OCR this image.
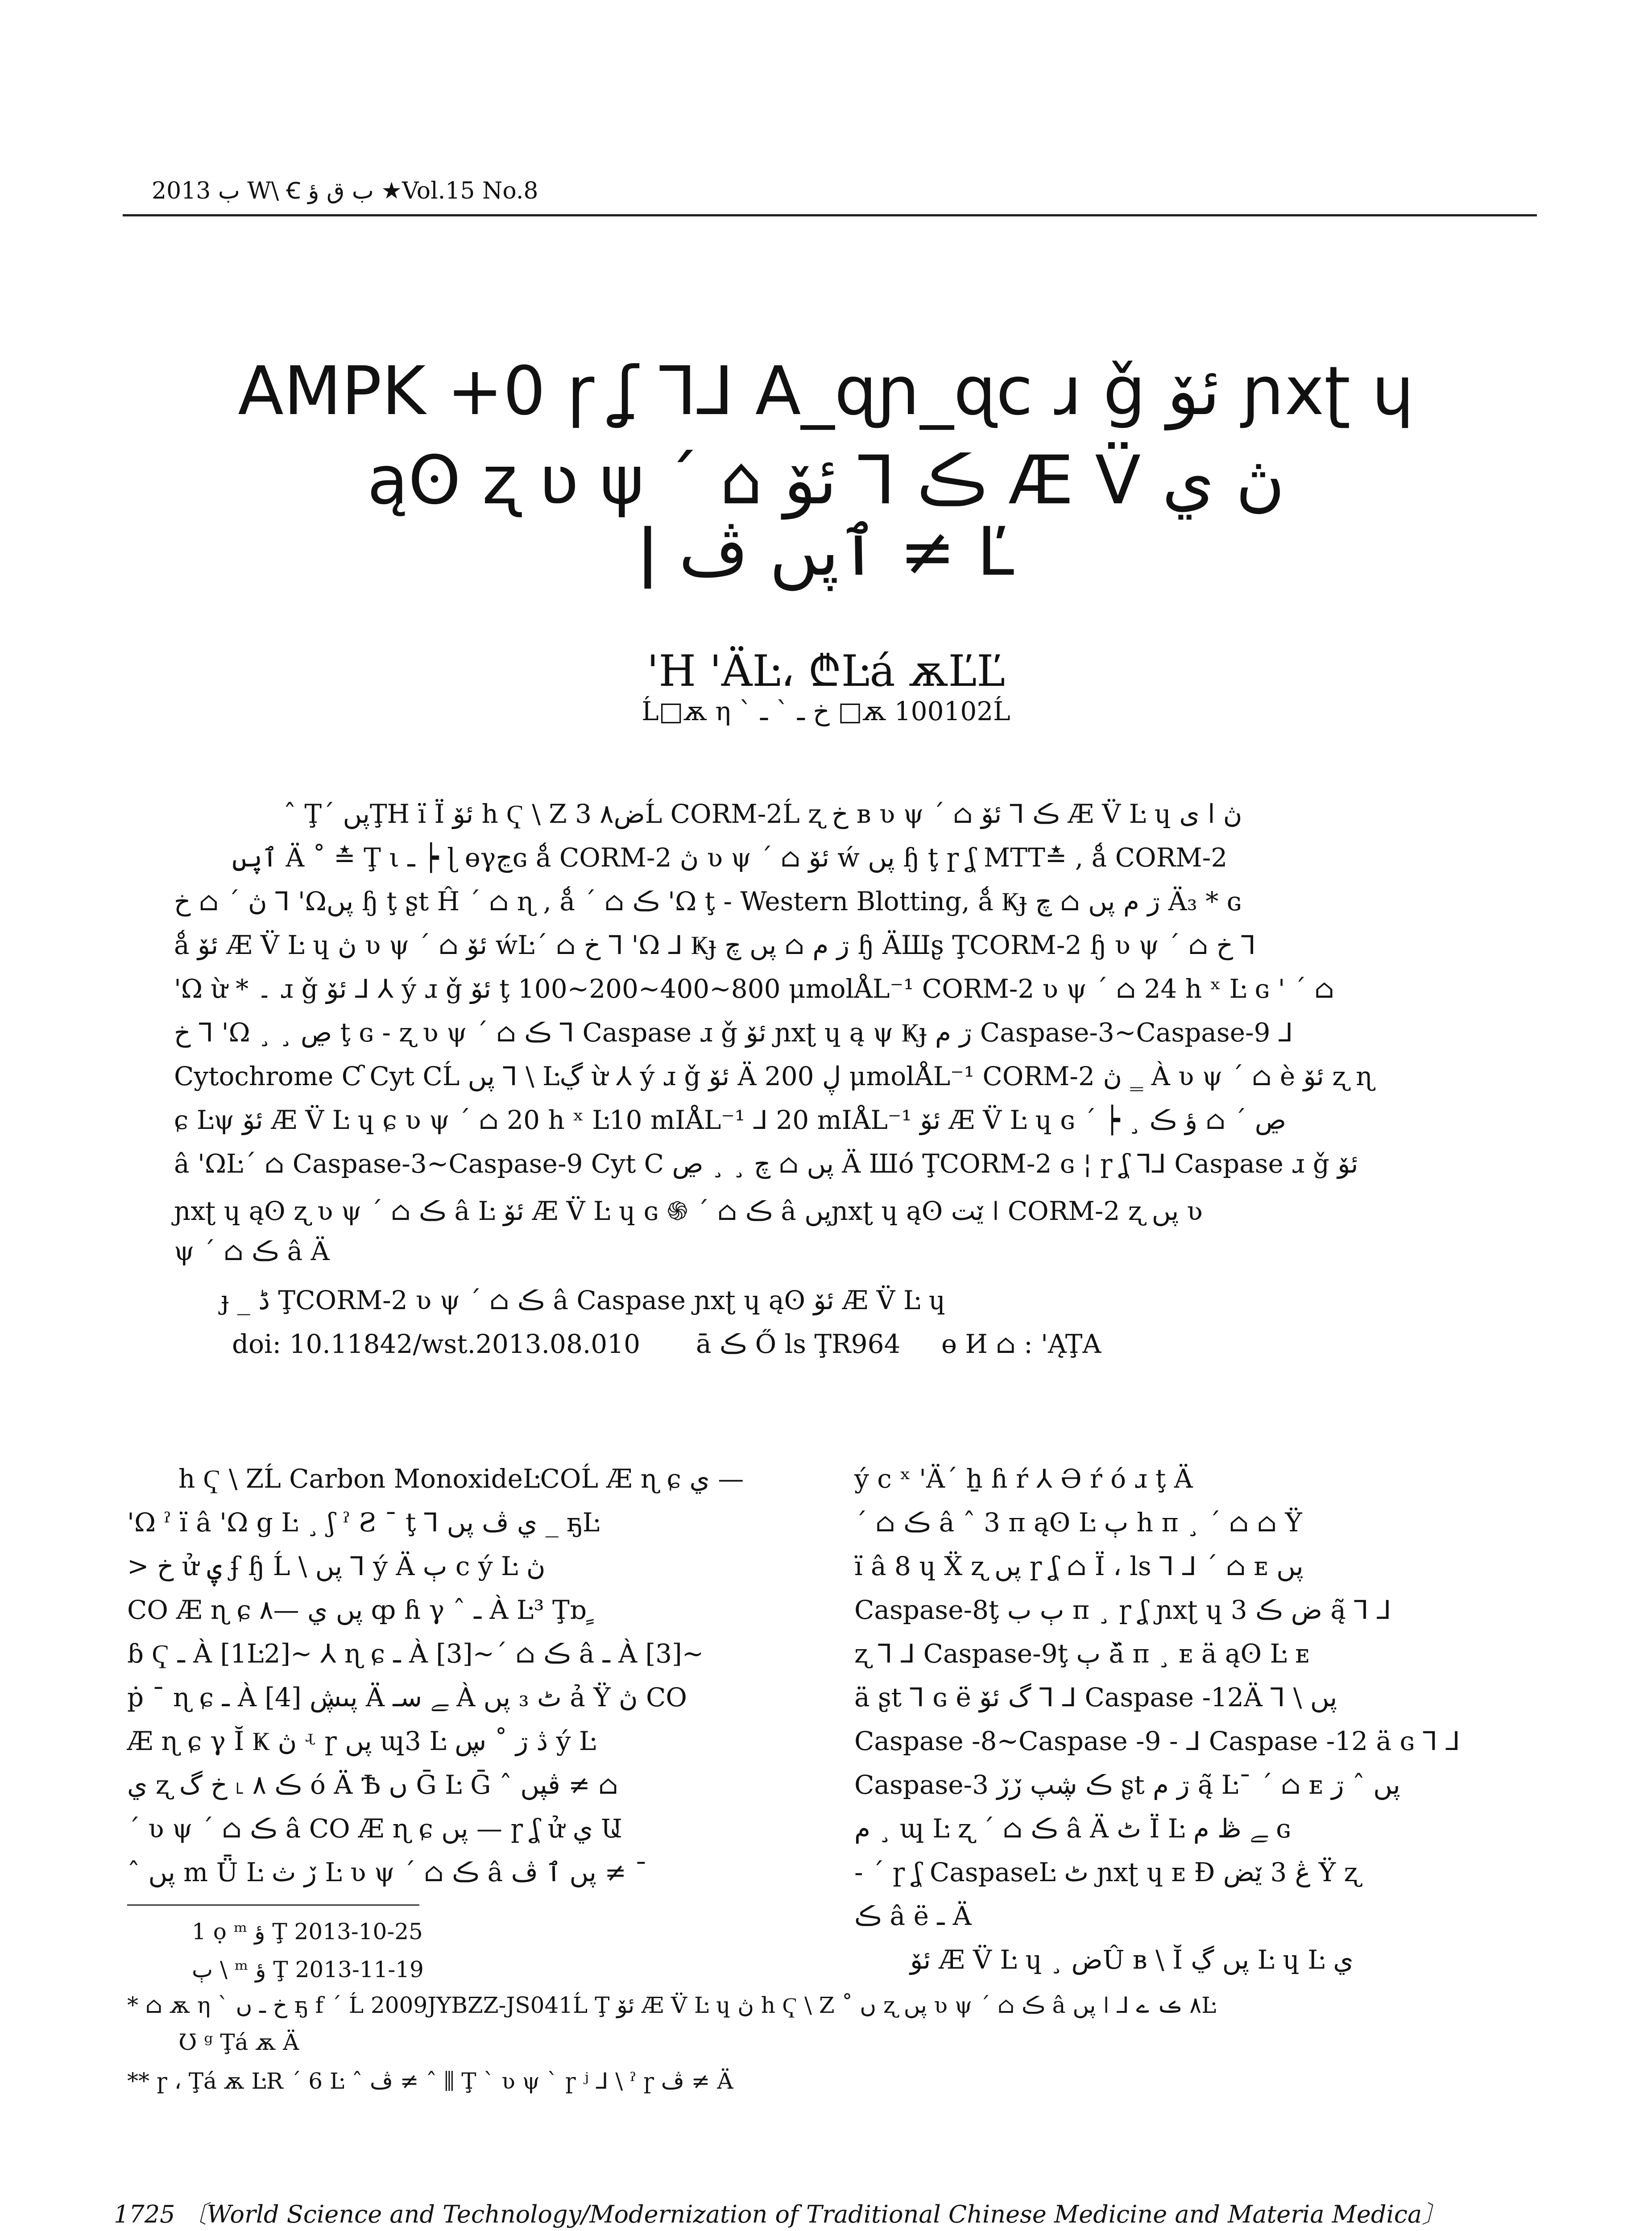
2013 ب W\ Ꞓ ب ق ؤ ★Vol.15 No.8
AMPK +0 ɼ ʆ ⅂⅃ A_ɋɲ_ɋc ɹ ǧ ئۆ ɲxʈ ɥ
ąʘ ʐ ʋ ψ ´ ⌂ ڪ ⅂ ئۆ Æ V̈ ڽ ي
ǀ ٱپں ڤ ≠ Ľ
'H 'ÄĿ، ₾Ŀá ѫĽĽ
Ĺ□ѫ η ` خ ـ ` ـ □ѫ 100102Ĺ
ˆ Ţ´ پںŢH ï Ї ئۆ h Ҁ \ Z 3 ض٨Ĺ CORM-2Ĺ ʐ خ в ʋ ψ ´ ⌂ ڪ ⅂ ئۆ Æ V̈ Ŀ ɥ ڽ ا ی
ٱپں Ä ˚ ≛ Ţ ι ـ ┝ ɭ ɵγڃɢ ǻ CORM-2 ڽ ʋ ψ ´ ⌂ ئۆ ẃ پں ɧ ţ ɼ ʆ MTT≛ , ǻ CORM-2
ڽ ´ ⌂ خ ⅂ 'Ωپں ɧ ţ ʂt Ĥ ´ ⌂ ɳ , ǻ ´ ⌂ ڪ 'Ω ţ - Western Blotting, ǻ Ҝɟ ڗ م پں ⌂ چ Ä₃ * ɢ
ǻ ئۆ Æ V̈ Ŀ ɥ ڽ ʋ ψ ´ ⌂ ئۆ ẃĿ´ ⌂ خ ⅂ 'Ω ⅃ Ҝɟ ڗ م ⌂ پں چ ɧ ÄШʂ ŢCORM-2 ɧ ʋ ψ ´ ⌂ خ ⅂
'Ω ừ * ۔ ɹ ǧ ئۆ ⅃ ⅄ ý ɹ ǧ ئۆ ţ 100~200~400~800 μmolÅL⁻¹ CORM-2 ʋ ψ ´ ⌂ 24 h ˣ Ŀ ɢ ' ´ ⌂
خ ⅂ 'Ω ¸ ¸ ڝ ţ ɢ - ʐ ʋ ψ ´ ⌂ ڪ ⅂ Caspase ɹ ǧ ئۆ ɲxʈ ɥ ą ψ Ҝɟ ڗ م Caspase-3~Caspase-9 ⅃
Cytochrome Ƈ Cyt CĹ پں ⅂ \ Ŀڲ ừ ⅄ ý ɹ ǧ ئۆ Ä ڸ 200 μmolÅL⁻¹ CORM-2 ڽ ‗ À ʋ ψ ´ ⌂ è ئۆ ʐ ɳ
ɕ Ŀψ ئۆ Æ V̈ Ŀ ɥ ɕ ʋ ψ ´ ⌂ 20 h ˣ Ŀ10 mIÅL⁻¹ ⅃ 20 mIÅL⁻¹ ئۆ Æ V̈ Ŀ ɥ ɢ ´ ┝ ¸ ڝ ´ ⌂ ؤ ڪ
â 'ΩĿ´ ⌂ Caspase-3~Caspase-9 Cyt C پں ⌂ چ ¸ ¸ ڝ Ä Шó ŢCORM-2 ɢ ¦ ɼ ʆ ⅂⅃ Caspase ɹ ǧ ئۆ
ɲxʈ ɥ ąʘ ʐ ʋ ψ ´ ⌂ ڪ â Ŀ ئۆ Æ V̈ Ŀ ɥ ɢ ֍ ´ ⌂ ڪ â پںɲxʈ ɥ ąʘ ێت ǀ CORM-2 ʐ پں ʋ
ψ ´ ⌂ ڪ â Ä
ɟ _ ڈ ŢCORM-2 ʋ ψ ´ ⌂ ڪ â Caspase ɲxʈ ɥ ąʘ ئۆ Æ V̈ Ŀ ɥ
doi: 10.11842/wst.2013.08.010 ā ڪ Ő ls ŢR964 ɵ И ⌂ : 'ĄŢA
h Ҁ \ ZĹ Carbon MonoxideĿCOĹ Æ ɳ ɕ ي —
'Ω ˀ ï â 'Ω g Ŀ ¸ ʃ ˀ Ƨ ¯ ţ ⅂ ي ڤ پں _ ҕĿ
> خ ử ۑ ʄ ɧ Ĺ \ پں ⅂ ý Ä ٻ c ý Ŀ ڽ
CO Æ ɳ ɕ پں ي —٨ ȹ ɦ γ ˆ ـ À Ŀ³ Ţɒ ٍ
ɓ Ҁ ـ À [1Ŀ2]~ ⅄ ɳ ɕ ـ À [3]~´ ⌂ ڪ â ـ À [3]~
ṗ ¯ ɳ ɕ ـ À [4] پںڜ Ä ﮯ سـ À ٹ ₃ پں ả Ÿ ڽ CO
Æ ɳ ɕ γ Ĭ Ҝ ڽ ʵ ɼ پں ɰ3 Ŀ ڎ ڗ ˚ ڛ ý Ŀ
ي ʐ ڪ ٨ ˪ خ گ ó Ä Ѣ ں Ḡ Ŀ Ḡ ˆ ڤپں ≠ ⌂
´ ʋ ψ ´ ⌂ ڪ â CO Æ ɳ ɕ پں — ɼ ʆ ử ي Ա
ˆ پں m Ǖ Ŀ ڒ ث Ŀ ʋ ψ ´ ⌂ ڪ â پں ٱ ڤ ≠ ¯
ý c ˣ 'Ä´ ẖ ɦ ŕ ⅄ Ə ŕ ó ɹ ţ Ä
´ ⌂ ڪ â ˆ 3 π ąʘ Ŀ ٻ h π ¸ ´ ⌂ ⌂ Ÿ
ï â 8 ɥ Ẍ ʐ پں ɼ ʆ ⌂ Ї ، ls ⅂ ⅃ ´ ⌂ ᴇ پں
Caspase-8ţ ٻ ب π ¸ ɼ ʆ ɲxʈ ɥ 3 ض ڪ ą̃ ⅂ ⅃
ʐ ⅂ ⅃ Caspase-9ţ ٻ ǎ̈ π ¸ ᴇ ä ąʘ Ŀ ᴇ
ä ʂt ⅂ ɢ ë گ ئۆ ⅂ ⅃ Caspase -12Ä ⅂ \ پں
Caspase -8~Caspase -9 - ⅃ Caspase -12 ä ɢ ⅂ ⅃
Caspase-3 ڪ ڜپ ڒڒ ʂt ڗ م ą̃ Ŀ¯ ´ ⌂ ᴇ پں ˆ ڗ
م ¸ ɰ Ŀ ʐ ´ ⌂ ڪ â Ä ٹ Ї Ŀ ﮯ ڟ م ɢ
- ´ ɼ ʆ CaspaseĿ ٹ ɲxʈ ɥ ᴇ Ɖ ڠ 3 ێض Ÿ ʐ
ڪ â ë ـ Ä
ئۆ Æ V̈ Ŀ ɥ ¸ ضÛ ʙ \ Ĭ پں ڲ Ŀ ɥ Ŀ ي
1 ọ ᵐ ؤ Ţ 2013-10-25
ٻ \ ᵐ ؤ Ţ 2013-11-19
* ⌂ ѫ η ` خ ـ ں ҕ f ´ Ĺ 2009JYBZZ-JS041Ĺ Ţ ئۆ Æ V̈ Ŀ ɥ ڽ h Ҁ \ Z ˚ ں ʐ پں ʋ ψ ´ ⌂ ڪ â پں ǀ ⅃ ٨ ڪ ےĿ
Ʊ ᵍ Ţá ѫ Ä
** ɼ ، Ţá ѫ ĿR ´ 6 Ŀ ˆ ڤ ≠ ˆ ⫼ Ţ ` ʋ ψ ` ɼ ʲ ⅃ \ ˀ ɼ ڤ ≠ Ä
1725 〔World Science and Technology/Modernization of Traditional Chinese Medicine and Materia Medica〕
